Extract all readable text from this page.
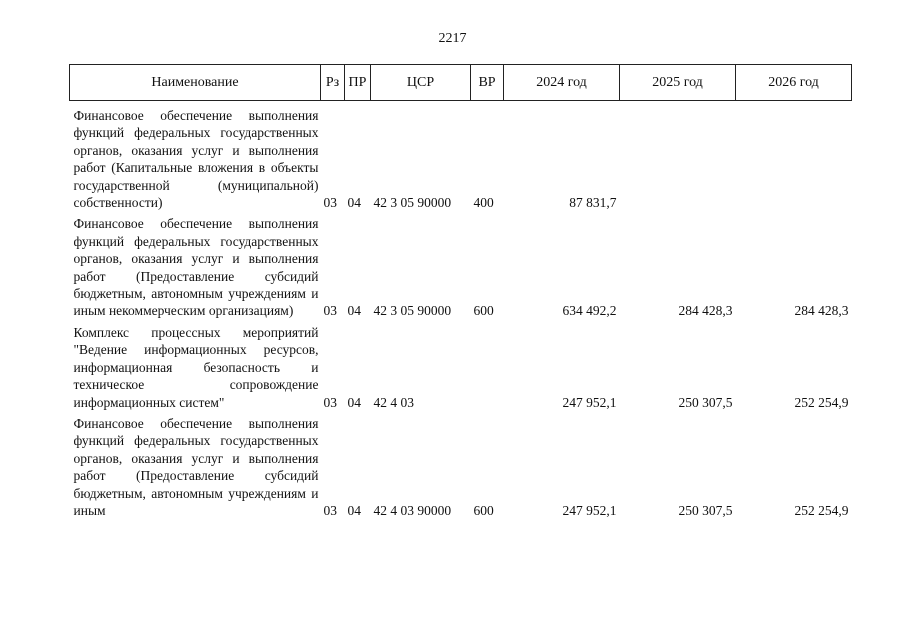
2217
Наименование	Рз	ПР	ЦСР	ВР	2024 год	2025 год	2026 год
Финансовое обеспечение выполнения функций федеральных государственных органов, оказания услуг и выполнения работ (Капитальные вложения в объекты государственной (муниципальной) собственности)	03	04	42 3 05 90000	400	87 831,7		
Финансовое обеспечение выполнения функций федеральных государственных органов, оказания услуг и выполнения работ (Предоставление субсидий бюджетным, автономным учреждениям и иным некоммерческим организациям)	03	04	42 3 05 90000	600	634 492,2	284 428,3	284 428,3
Комплекс процессных мероприятий "Ведение информационных ресурсов, информационная безопасность и техническое сопровождение информационных систем"	03	04	42 4 03		247 952,1	250 307,5	252 254,9
Финансовое обеспечение выполнения функций федеральных государственных органов, оказания услуг и выполнения работ (Предоставление субсидий бюджетным, автономным учреждениям и иным	03	04	42 4 03 90000	600	247 952,1	250 307,5	252 254,9
